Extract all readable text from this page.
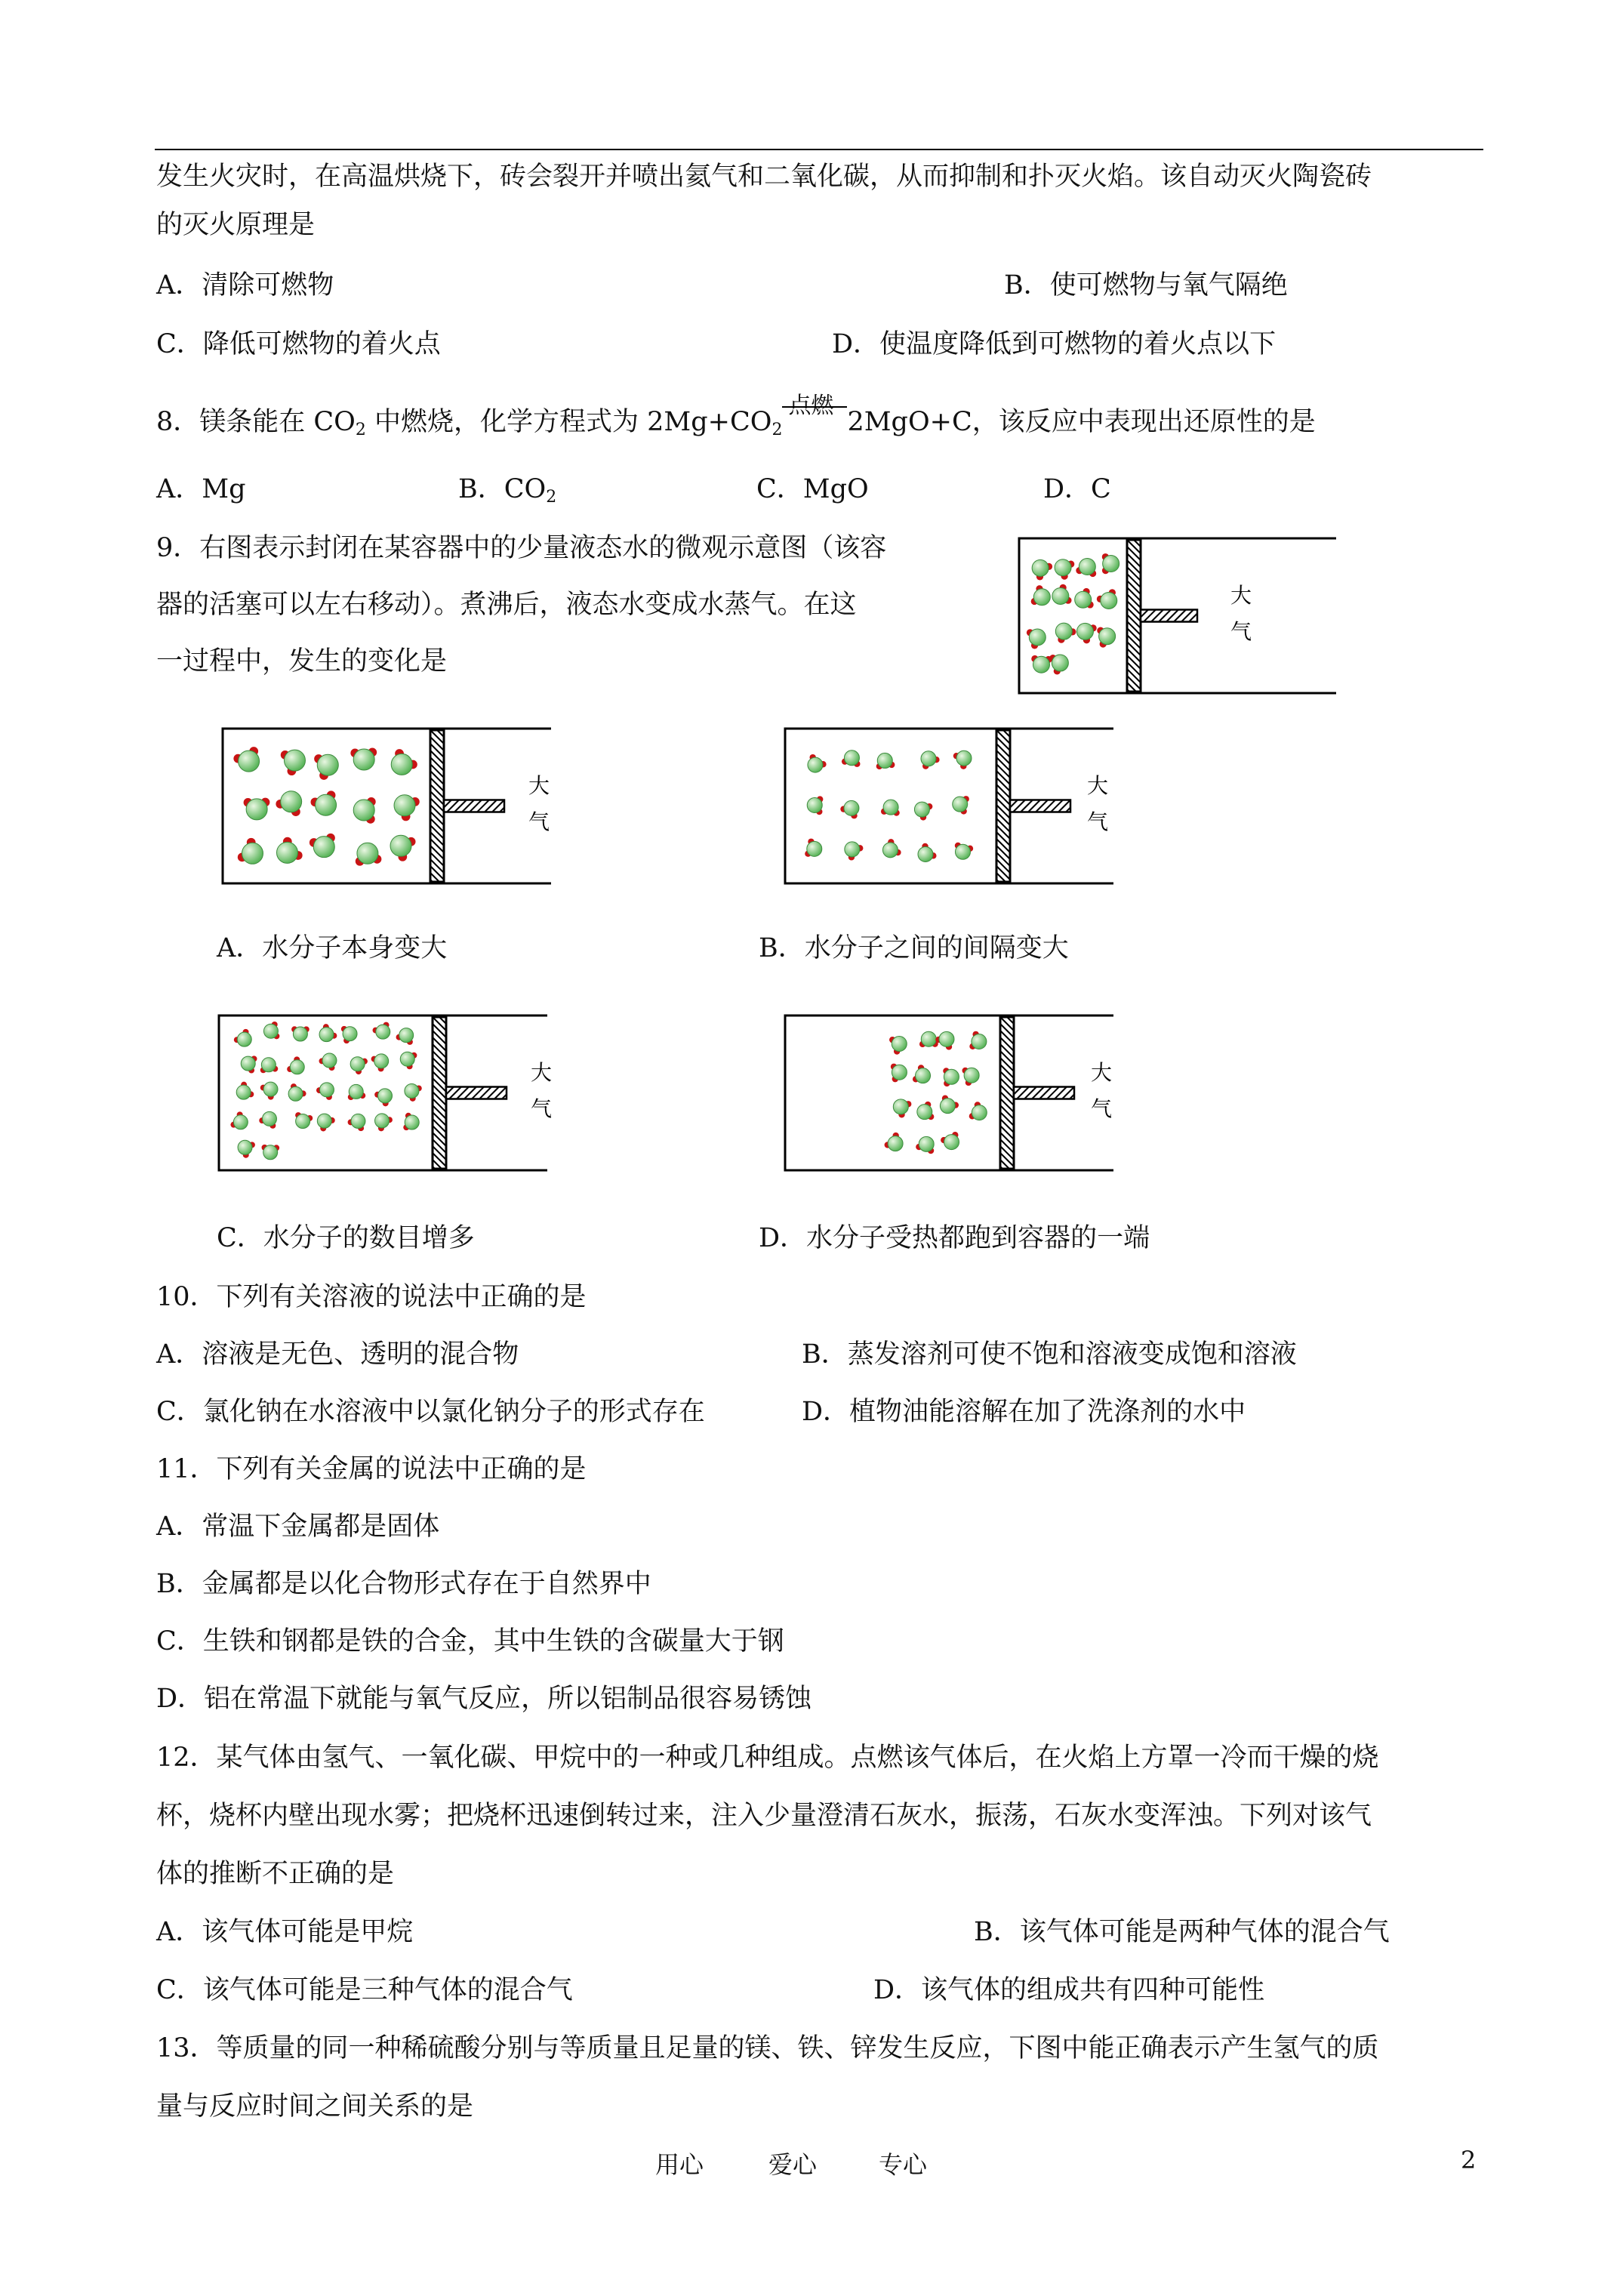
发生火灾时，在高温烘烧下，砖会裂开并喷出氦气和二氧化碳，从而抑制和扑灭火焰。该自动灭火陶瓷砖
的灭火原理是
A．清除可燃物	B．使可燃物与氧气隔绝
C．降低可燃物的着火点	D．使温度降低到可燃物的着火点以下
8．镁条能在 $CO_2$ 中燃烧，化学方程式为 $2Mg+CO_2$
点燃
2MgO+C，该反应中表现出还原性的是
A．Mg	B．$CO_2$	C．MgO	D．C
9．右图表示封闭在某容器中的少量液态水的微观示意图（该容
器的活塞可以左右移动）。煮沸后，液态水变成水蒸气。在这
一过程中，发生的变化是
大
气
大
气
大
气
大
气
大
气
A．水分子本身变大	B．水分子之间的间隔变大
C．水分子的数目增多	D．水分子受热都跑到容器的一端
10．下列有关溶液的说法中正确的是
A．溶液是无色、透明的混合物	B．蒸发溶剂可使不饱和溶液变成饱和溶液
C．氯化钠在水溶液中以氯化钠分子的形式存在	D．植物油能溶解在加了洗涤剂的水中
11．下列有关金属的说法中正确的是
A．常温下金属都是固体
B．金属都是以化合物形式存在于自然界中
C．生铁和钢都是铁的合金，其中生铁的含碳量大于钢
D．铝在常温下就能与氧气反应，所以铝制品很容易锈蚀
12．某气体由氢气、一氧化碳、甲烷中的一种或几种组成。点燃该气体后，在火焰上方罩一冷而干燥的烧
杯，烧杯内壁出现水雾；把烧杯迅速倒转过来，注入少量澄清石灰水，振荡，石灰水变浑浊。下列对该气
体的推断不正确的是
A．该气体可能是甲烷	B．该气体可能是两种气体的混合气
C．该气体可能是三种气体的混合气	D．该气体的组成共有四种可能性
13．等质量的同一种稀硫酸分别与等质量且足量的镁、铁、锌发生反应，下图中能正确表示产生氢气的质
量与反应时间之间关系的是
用心	爱心	专心	2
